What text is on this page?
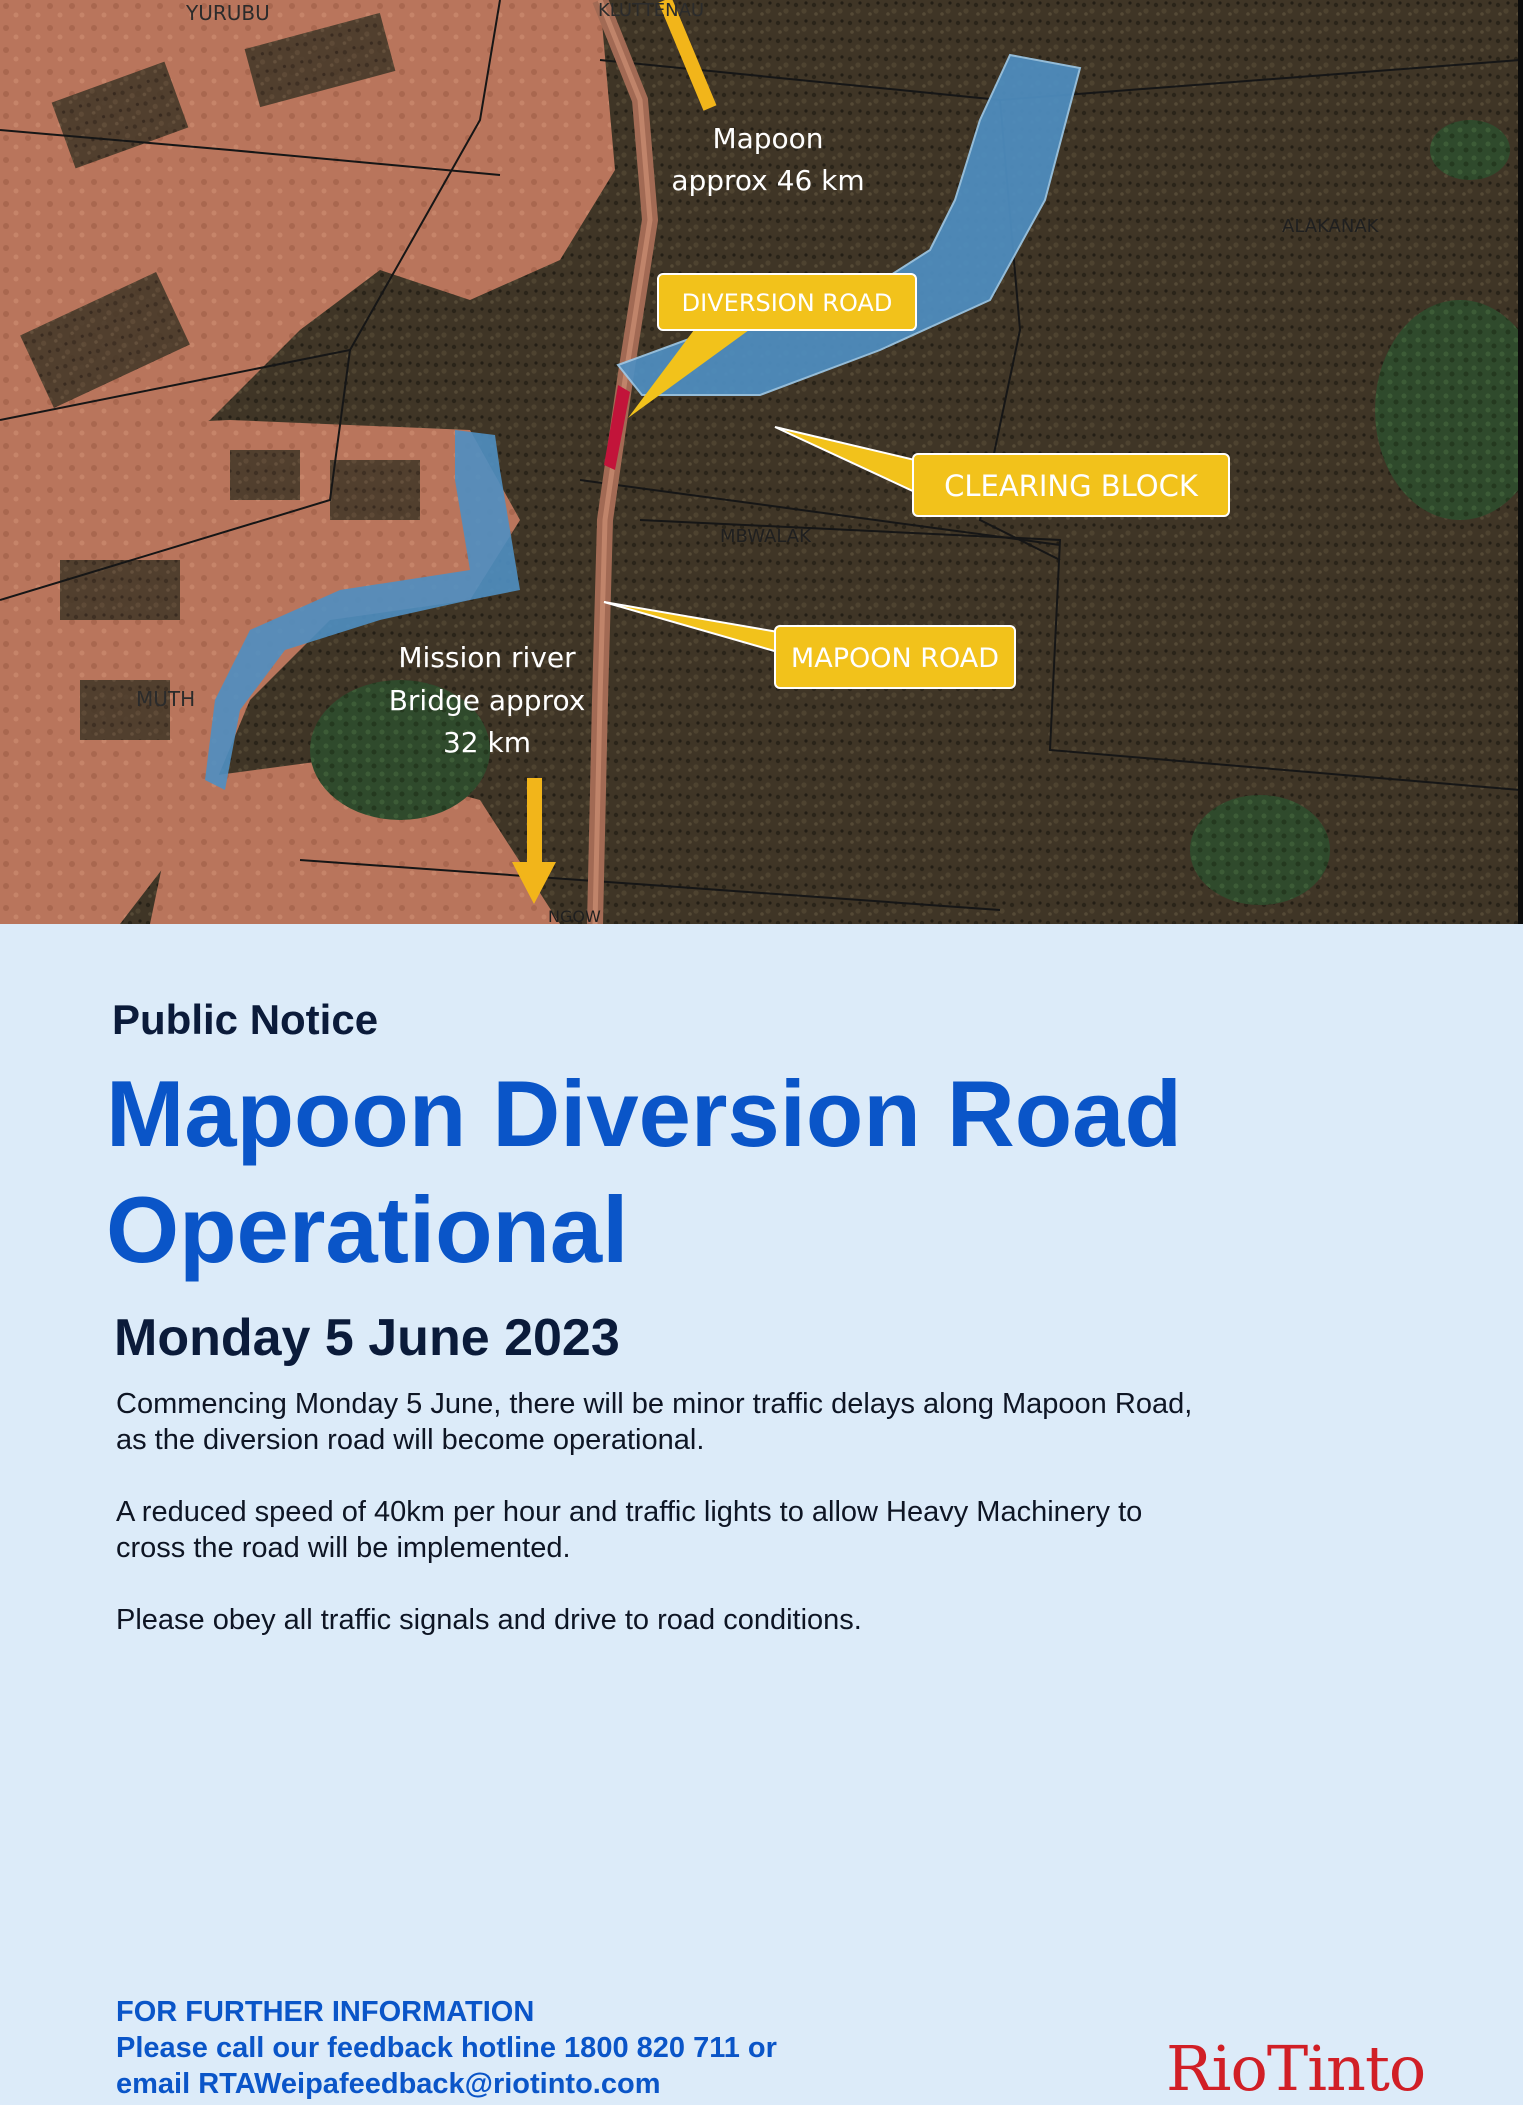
Mapoon
approx 46 km
DIVERSION ROAD
CLEARING BLOCK
MAPOON ROAD
Mission river
Bridge approx
32 km
YURUBU	KLUTTENAU
MBWALAK
MUTH
ALAKANAK
NGOW
Public Notice
Mapoon Diversion Road
Operational
Monday 5 June 2023

Commencing Monday 5 June, there will be minor traffic delays along Mapoon Road, as the diversion road will become operational.

A reduced speed of 40km per hour and traffic lights to allow Heavy Machinery to cross the road will be implemented.

Please obey all traffic signals and drive to road conditions.

FOR FURTHER INFORMATION
Please call our feedback hotline 1800 820 711 or
email RTAWeipafeedback@riotinto.com	RioTinto
